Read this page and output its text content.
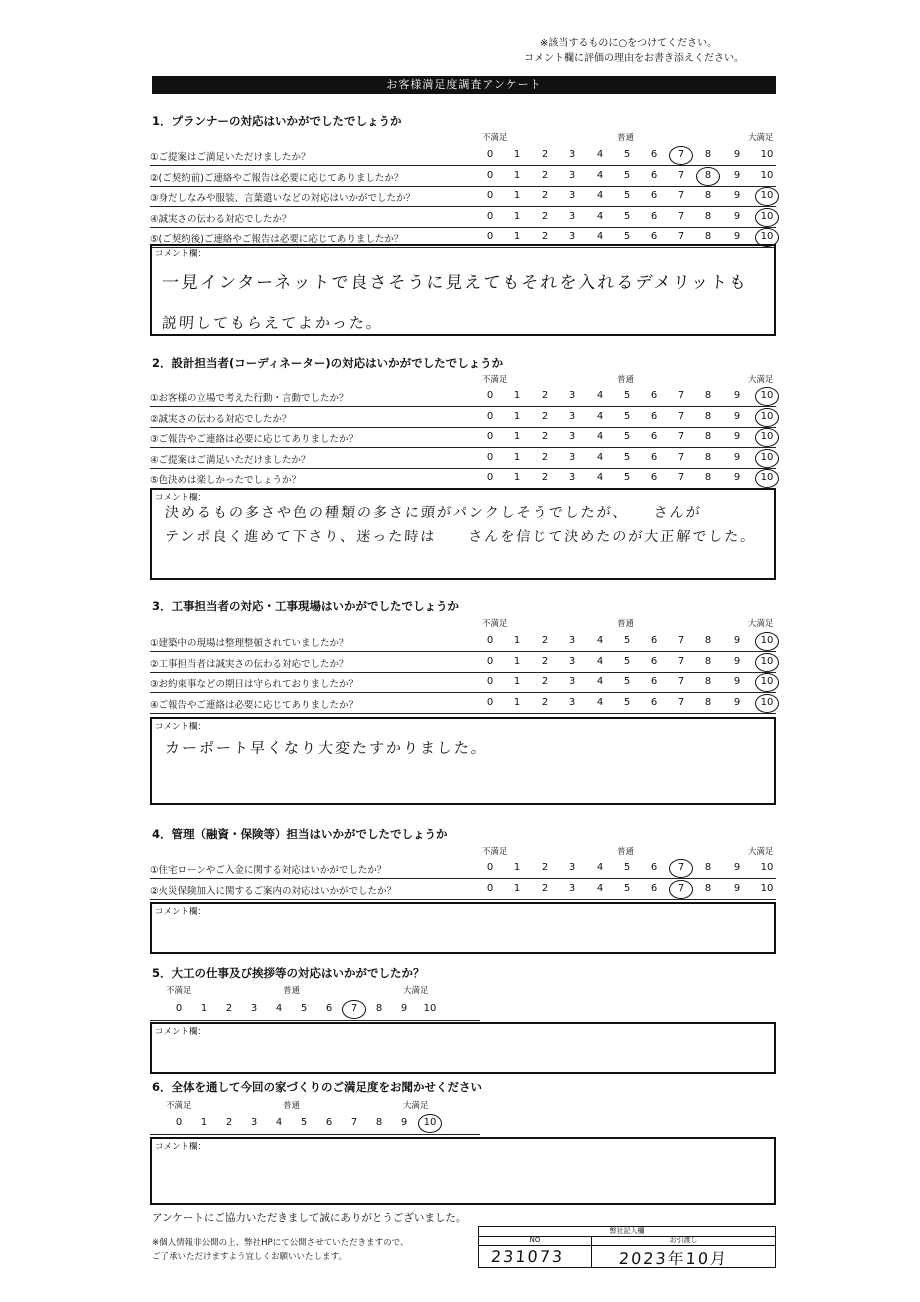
※該当するものに○をつけてください。
コメント欄に評価の理由をお書き添えください。
お客様満足度調査アンケート
1．プランナーの対応はいかがでしたでしょうか
不満足	普通	大満足
①ご提案はご満足いただけましたか？	0	1	2	3	4	5	6	7	8	9	10
②(ご契約前)ご連絡やご報告は必要に応じてありましたか？	0	1	2	3	4	5	6	7	8	9	10
③身だしなみや服装、言葉遣いなどの対応はいかがでしたか？	0	1	2	3	4	5	6	7	8	9	10
④誠実さの伝わる対応でしたか？	0	1	2	3	4	5	6	7	8	9	10
⑤(ご契約後)ご連絡やご報告は必要に応じてありましたか？	0	1	2	3	4	5	6	7	8	9	10
コメント欄：
一見インターネットで良さそうに見えてもそれを入れるデメリットも
説明してもらえてよかった。
2．設計担当者(コーディネーター)の対応はいかがでしたでしょうか
不満足	普通	大満足
①お客様の立場で考えた行動・言動でしたか？	0	1	2	3	4	5	6	7	8	9	10
②誠実さの伝わる対応でしたか？	0	1	2	3	4	5	6	7	8	9	10
③ご報告やご連絡は必要に応じてありましたか？	0	1	2	3	4	5	6	7	8	9	10
④ご提案はご満足いただけましたか？	0	1	2	3	4	5	6	7	8	9	10
⑤色決めは楽しかったでしょうか？	0	1	2	3	4	5	6	7	8	9	10
コメント欄：
決めるもの多さや色の種類の多さに頭がパンクしそうでしたが、　　さんが
テンポ良く進めて下さり、迷った時は　　さんを信じて決めたのが大正解でした。
3．工事担当者の対応・工事現場はいかがでしたでしょうか
不満足	普通	大満足
①建築中の現場は整理整頓されていましたか？	0	1	2	3	4	5	6	7	8	9	10
②工事担当者は誠実さの伝わる対応でしたか？	0	1	2	3	4	5	6	7	8	9	10
③お約束事などの期日は守られておりましたか？	0	1	2	3	4	5	6	7	8	9	10
④ご報告やご連絡は必要に応じてありましたか？	0	1	2	3	4	5	6	7	8	9	10
コメント欄：
カーポート早くなり大変たすかりました。
4．管理（融資・保険等）担当はいかがでしたでしょうか
不満足	普通	大満足
①住宅ローンやご入金に関する対応はいかがでしたか？	0	1	2	3	4	5	6	7	8	9	10
②火災保険加入に関するご案内の対応はいかがでしたか？	0	1	2	3	4	5	6	7	8	9	10
コメント欄：
5．大工の仕事及び挨拶等の対応はいかがでしたか？
不満足	普通	大満足
0	1	2	3	4	5	6	7	8	9	10
コメント欄：
6．全体を通して今回の家づくりのご満足度をお聞かせください
不満足	普通	大満足
0	1	2	3	4	5	6	7	8	9	10
コメント欄：
アンケートにご協力いただきまして誠にありがとうございました。
※個人情報非公開の上、弊社HPにて公開させていただきますので、
ご了承いただけますよう宜しくお願いいたします。
弊社記入欄
NO	お引渡し
231073	2023年10月
